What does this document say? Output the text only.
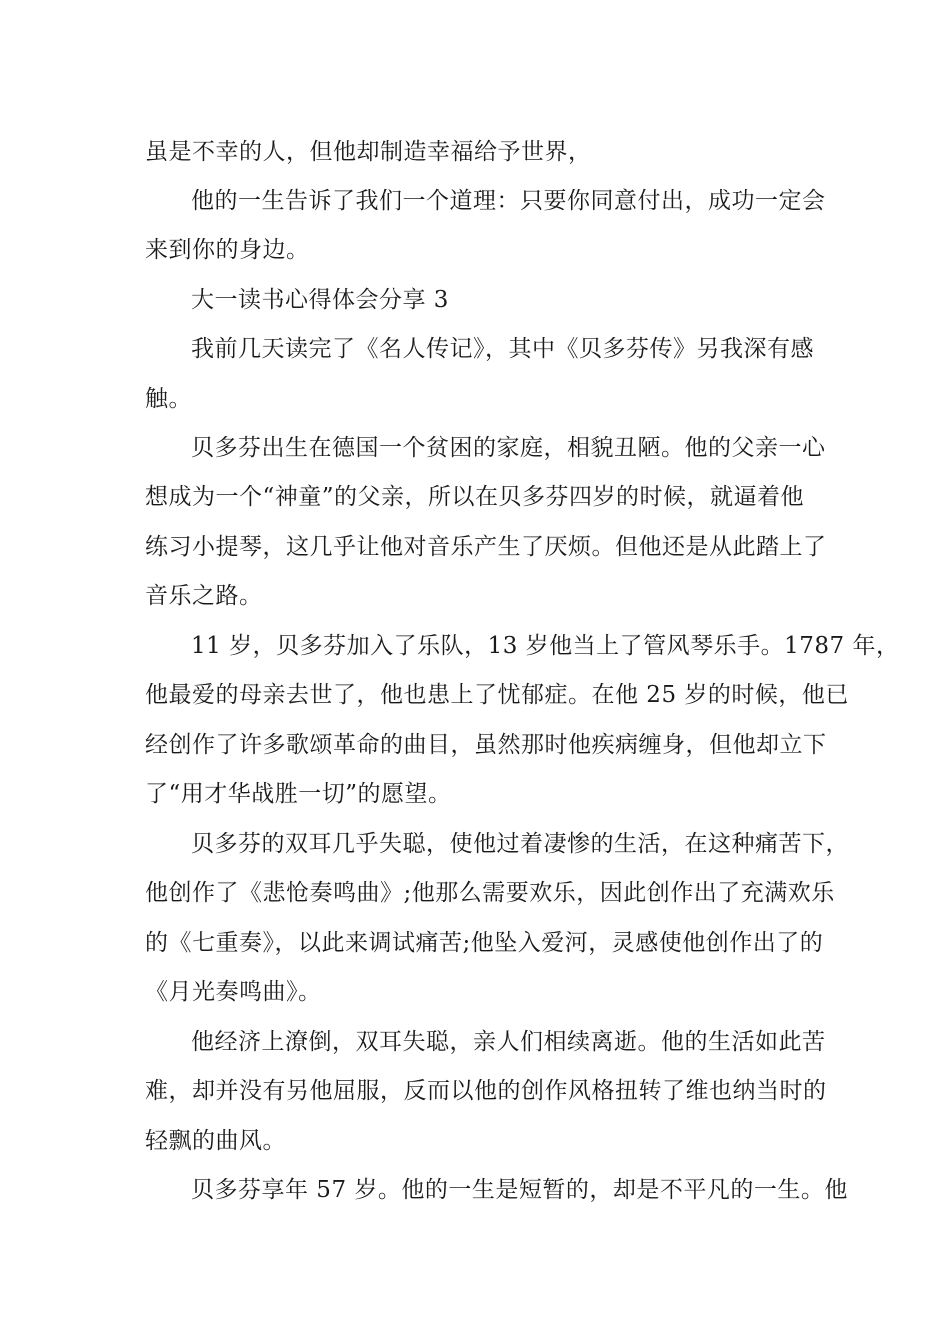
虽是不幸的人，但他却制造幸福给予世界，
他的一生告诉了我们一个道理：只要你同意付出，成功一定会
来到你的身边。
大一读书心得体会分享 3
我前几天读完了《名人传记》，其中《贝多芬传》另我深有感
触。
贝多芬出生在德国一个贫困的家庭，相貌丑陋。他的父亲一心
想成为一个“神童”的父亲，所以在贝多芬四岁的时候，就逼着他
练习小提琴，这几乎让他对音乐产生了厌烦。但他还是从此踏上了
音乐之路。
11 岁，贝多芬加入了乐队，13 岁他当上了管风琴乐手。1787 年，
他最爱的母亲去世了，他也患上了忧郁症。在他 25 岁的时候，他已
经创作了许多歌颂革命的曲目，虽然那时他疾病缠身，但他却立下
了“用才华战胜一切”的愿望。
贝多芬的双耳几乎失聪，使他过着凄惨的生活，在这种痛苦下，
他创作了《悲怆奏鸣曲》;他那么需要欢乐，因此创作出了充满欢乐
的《七重奏》，以此来调试痛苦;他坠入爱河，灵感使他创作出了的
《月光奏鸣曲》。
他经济上潦倒，双耳失聪，亲人们相续离逝。他的生活如此苦
难，却并没有另他屈服，反而以他的创作风格扭转了维也纳当时的
轻飘的曲风。
贝多芬享年 57 岁。他的一生是短暂的，却是不平凡的一生。他
